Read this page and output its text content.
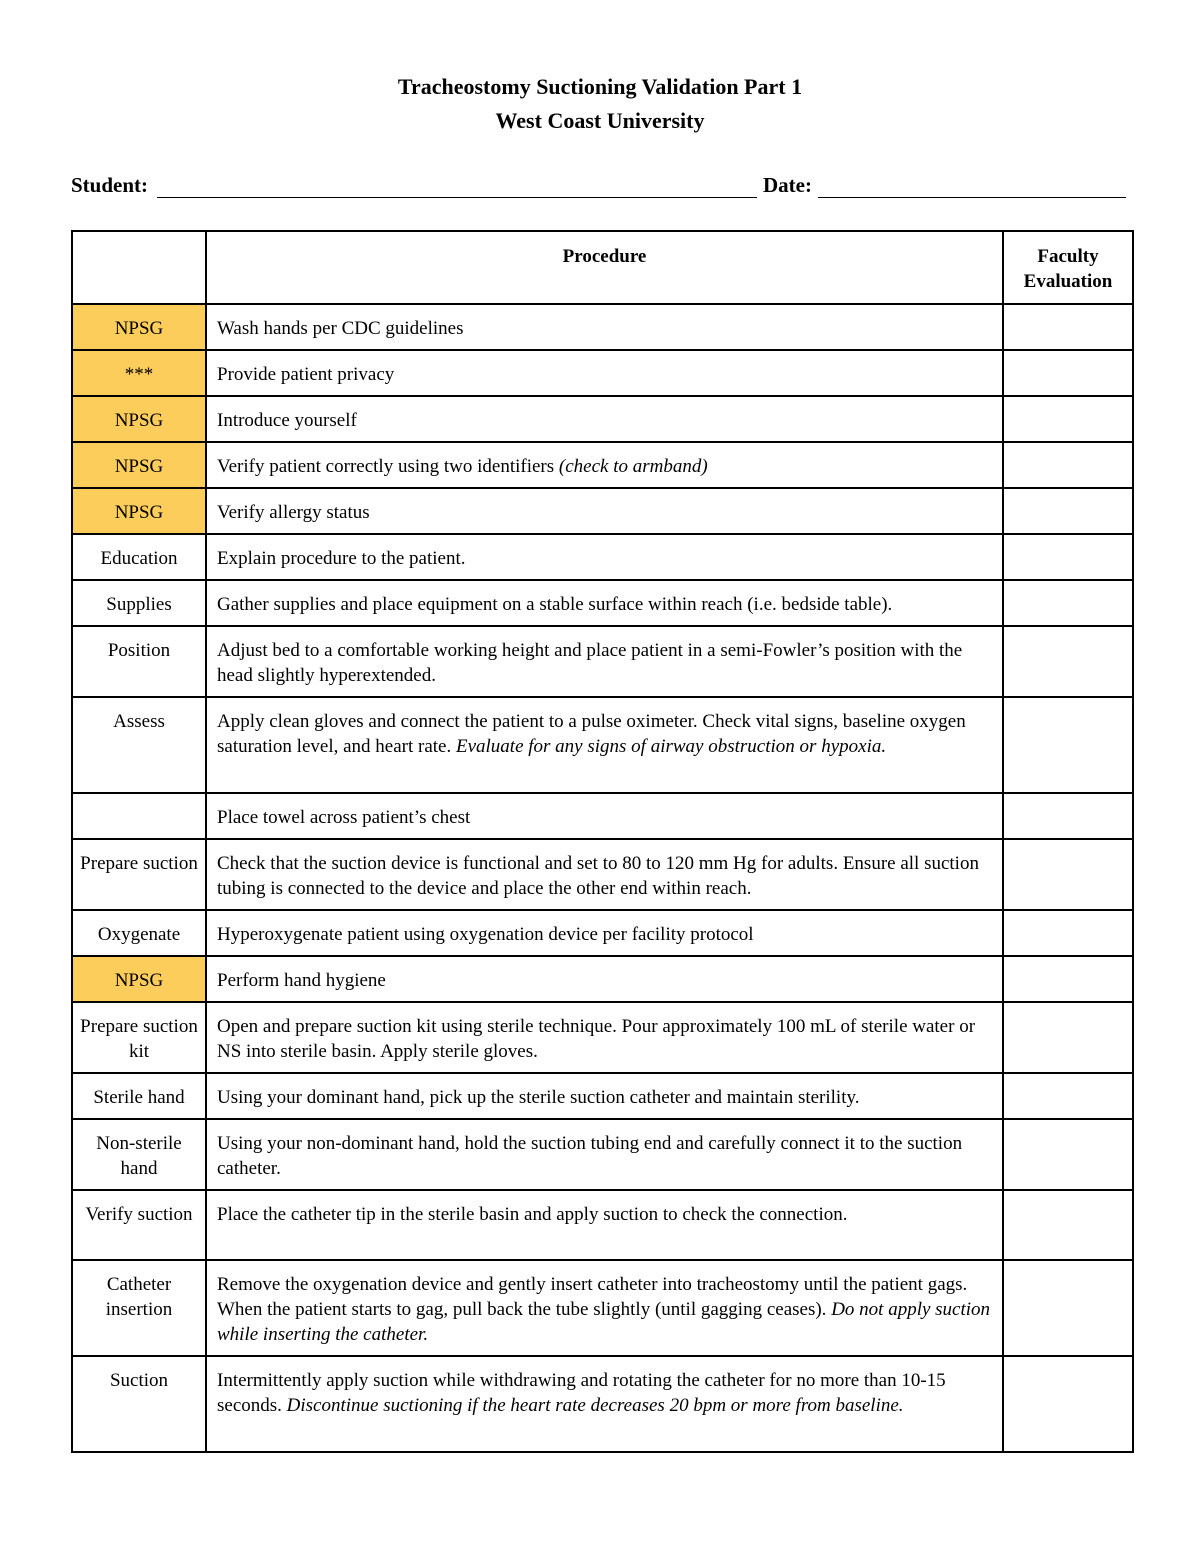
Tracheostomy Suctioning Validation Part 1
West Coast University
Student:	Date:
	Procedure	Faculty
Evaluation
NPSG	Wash hands per CDC guidelines	
***	Provide patient privacy	
NPSG	Introduce yourself	
NPSG	Verify patient correctly using two identifiers (check to armband)	
NPSG	Verify allergy status	
Education	Explain procedure to the patient.	
Supplies	Gather supplies and place equipment on a stable surface within reach (i.e. bedside table).	
Position	Adjust bed to a comfortable working height and place patient in a semi-Fowler’s position with the head slightly hyperextended.	
Assess	Apply clean gloves and connect the patient to a pulse oximeter. Check vital signs, baseline oxygen saturation level, and heart rate. Evaluate for any signs of airway obstruction or hypoxia.	
	Place towel across patient’s chest	
Prepare suction	Check that the suction device is functional and set to 80 to 120 mm Hg for adults. Ensure all suction tubing is connected to the device and place the other end within reach.	
Oxygenate	Hyperoxygenate patient using oxygenation device per facility protocol	
NPSG	Perform hand hygiene	
Prepare suction kit	Open and prepare suction kit using sterile technique. Pour approximately 100 mL of sterile water or NS into sterile basin. Apply sterile gloves.	
Sterile hand	Using your dominant hand, pick up the sterile suction catheter and maintain sterility.	
Non-sterile hand	Using your non-dominant hand, hold the suction tubing end and carefully connect it to the suction catheter.	
Verify suction	Place the catheter tip in the sterile basin and apply suction to check the connection.	
Catheter insertion	Remove the oxygenation device and gently insert catheter into tracheostomy until the patient gags. When the patient starts to gag, pull back the tube slightly (until gagging ceases). Do not apply suction while inserting the catheter.	
Suction	Intermittently apply suction while withdrawing and rotating the catheter for no more than 10-15 seconds. Discontinue suctioning if the heart rate decreases 20 bpm or more from baseline.	
